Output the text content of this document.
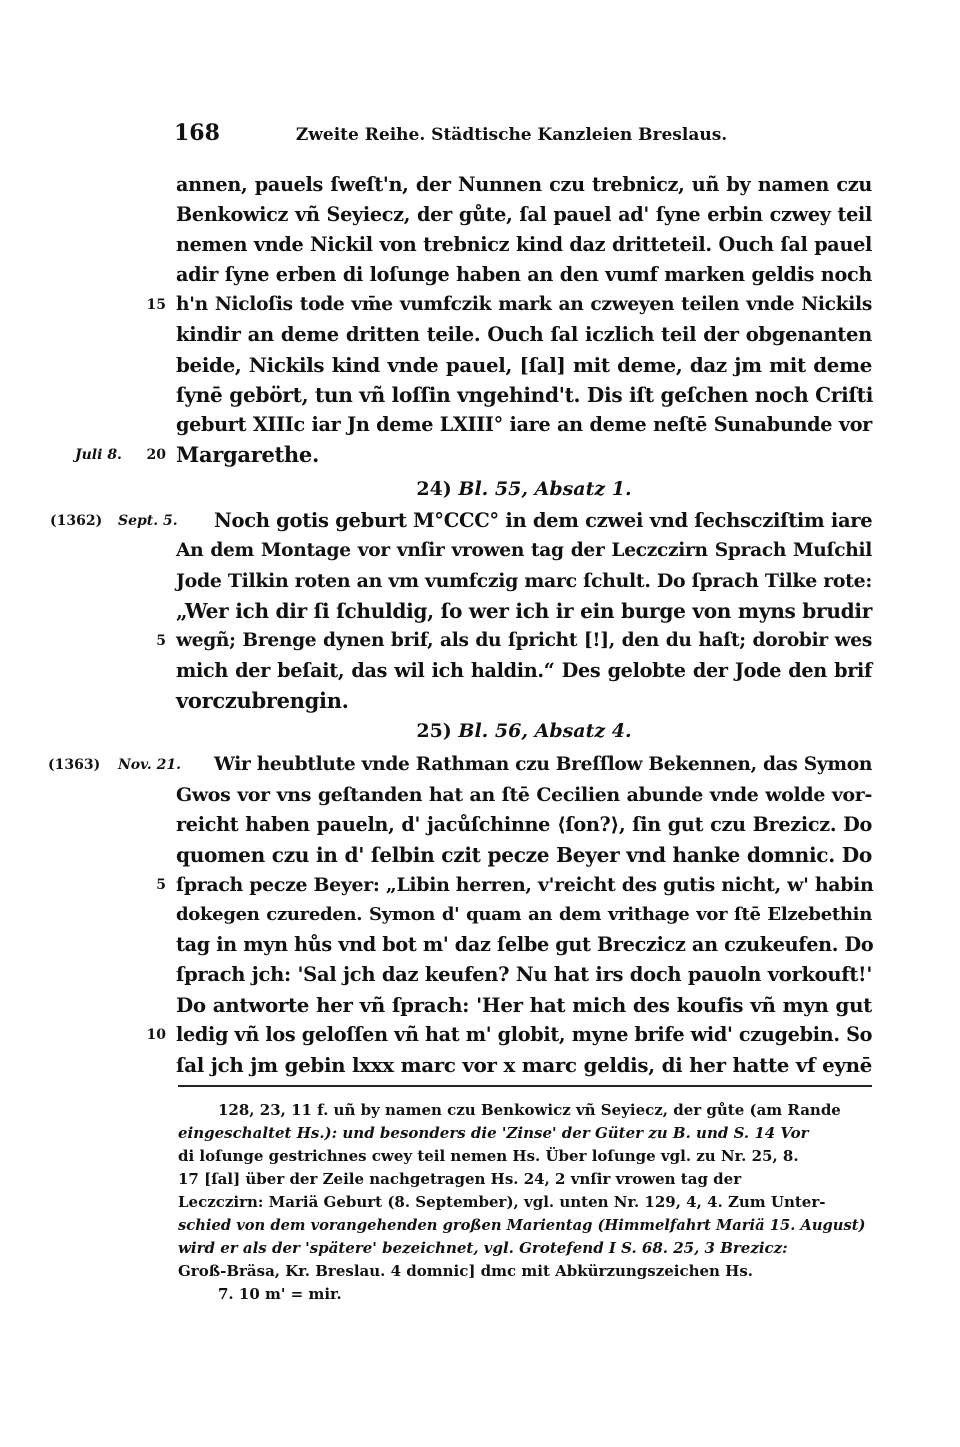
168	Zweite Reihe. Städtische Kanzleien Breslaus.
annen, pauels ſweſt'n, der Nunnen czu trebnicz, uñ by namen czu
Benkowicz vñ Seyiecz, der gůte, ſal pauel ad' ſyne erbin czwey teil
nemen vnde Nickil von trebnicz kind daz dritteteil. Ouch ſal pauel
adir ſyne erben di loſunge haben an den vumf marken geldis noch
15 h'n Nicloſis tode vm̄e vumfczik mark an czweyen teilen vnde Nickils
kindir an deme dritten teile. Ouch ſal iczlich teil der obgenanten
beide, Nickils kind vnde pauel, [ſal] mit deme, daz jm mit deme
ſynē gebört, tun vñ loſſin vngehind't. Dis iſt geſchen noch Criſti
geburt XIIIc iar Jn deme LXIII° iare an deme neſtē Sunabunde vor
Juli 8.	20 Margarethe.
24) Bl. 55, Absatz 1.
(1362) Sept. 5. Noch gotis geburt M°CCC° in dem czwei vnd ſechscziſtim iare
An dem Montage vor vnſir vrowen tag der Leczczirn Sprach Muſchil
Jode Tilkin roten an vm vumfczig marc ſchult. Do ſprach Tilke rote:
„Wer ich dir ſi ſchuldig, ſo wer ich ir ein burge von myns brudir
5 wegñ; Brenge dynen brif, als du ſpricht [!], den du haſt; dorobir wes
mich der beſait, das wil ich haldin.“ Des gelobte der Jode den brif
vorczubrengin.
25) Bl. 56, Absatz 4.
(1363) Nov. 21. Wir heubtlute vnde Rathman czu Breſſlow Bekennen, das Symon
Gwos vor vns geſtanden hat an ſtē Cecilien abunde vnde wolde vor-
reicht haben paueln, d' jacůſchinne ⟨ſon?⟩, ſin gut czu Brezicz. Do
quomen czu in d' ſelbin czit pecze Beyer vnd hanke domnic. Do
5 ſprach pecze Beyer: „Libin herren, v'reicht des gutis nicht, w' habin
dokegen czureden. Symon d' quam an dem vrithage vor ſtē Elzebethin
tag in myn hůs vnd bot m' daz ſelbe gut Breczicz an czukeufen. Do
ſprach jch: 'Sal jch daz keufen? Nu hat irs doch pauoln vorkouft!'
Do antworte her vñ ſprach: 'Her hat mich des koufis vñ myn gut
10 ledig vñ los geloſſen vñ hat m' globit, myne brife wid' czugebin. So
ſal jch jm gebin lxxx marc vor x marc geldis, di her hatte vf eynē
128, 23, 11 f. uñ by namen czu Benkowicz vñ Seyiecz, der gůte (am Rande
eingeschaltet Hs.): und besonders die 'Zinse' der Güter zu B. und S. 14 Vor
di loſunge gestrichnes cwey teil nemen Hs. Über loſunge vgl. zu Nr. 25, 8.
17 [ſal] über der Zeile nachgetragen Hs. 24, 2 vnſir vrowen tag der
Leczczirn: Mariä Geburt (8. September), vgl. unten Nr. 129, 4, 4. Zum Unter-
schied von dem vorangehenden großen Marientag (Himmelfahrt Mariä 15. August)
wird er als der 'spätere' bezeichnet, vgl. Grotefend I S. 68. 25, 3 Brezicz:
Groß-Bräsa, Kr. Breslau. 4 domnic] dmc mit Abkürzungszeichen Hs.
7. 10 m' = mir.
